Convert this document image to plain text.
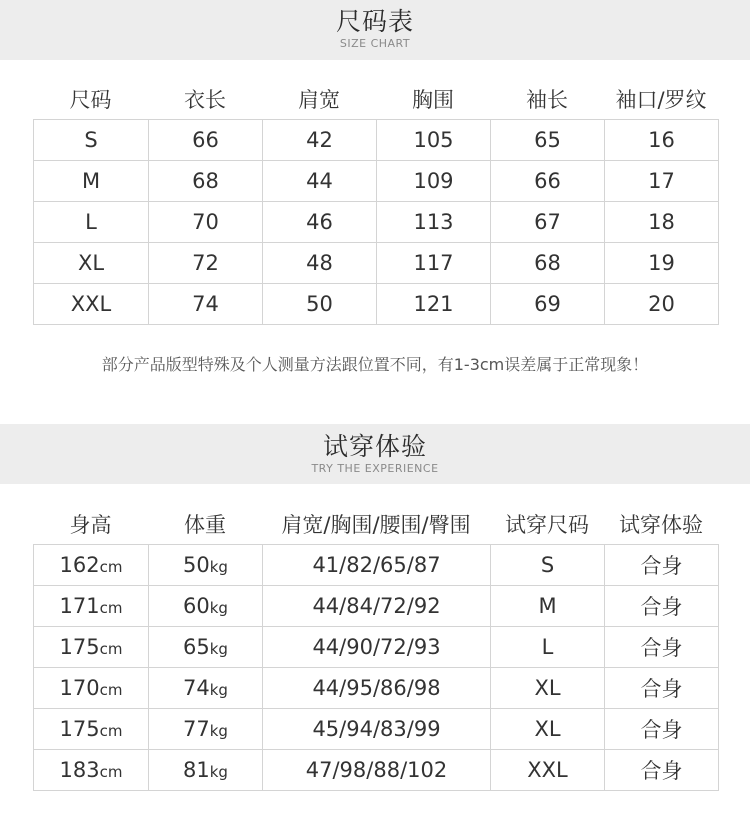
尺码表
SIZE CHART
尺码	衣长	肩宽	胸围	袖长	袖口/罗纹
S	66	42	105	65	16
M	68	44	109	66	17
L	70	46	113	67	18
XL	72	48	117	68	19
XXL	74	50	121	69	20
部分产品版型特殊及个人测量方法跟位置不同，有1-3cm误差属于正常现象！
试穿体验
TRY THE EXPERIENCE
身高	体重	肩宽/胸围/腰围/臀围	试穿尺码	试穿体验
162cm	50kg	41/82/65/87	S	合身
171cm	60kg	44/84/72/92	M	合身
175cm	65kg	44/90/72/93	L	合身
170cm	74kg	44/95/86/98	XL	合身
175cm	77kg	45/94/83/99	XL	合身
183cm	81kg	47/98/88/102	XXL	合身
